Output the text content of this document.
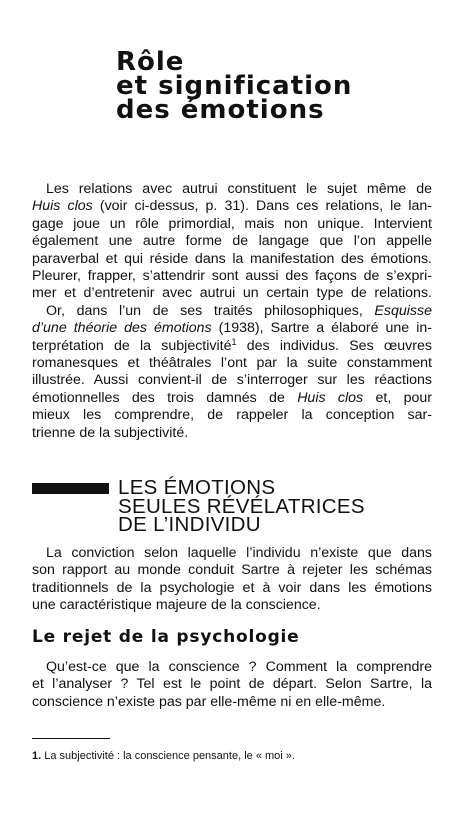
Rôle
et signification
des émotions

Les relations avec autrui constituent le sujet même de
Huis clos (voir ci-dessus, p. 31). Dans ces relations, le lan-
gage joue un rôle primordial, mais non unique. Intervient
également une autre forme de langage que l’on appelle
paraverbal et qui réside dans la manifestation des émotions.
Pleurer, frapper, s’attendrir sont aussi des façons de s’expri-
mer et d’entretenir avec autrui un certain type de relations.
Or, dans l’un de ses traités philosophiques, Esquisse
d’une théorie des émotions (1938), Sartre a élaboré une in-
terprétation de la subjectivité$^1$ des individus. Ses œuvres
romanesques et théâtrales l’ont par la suite constamment
illustrée. Aussi convient-il de s’interroger sur les réactions
émotionnelles des trois damnés de Huis clos et, pour
mieux les comprendre, de rappeler la conception sar-
trienne de la subjectivité.

LES ÉMOTIONS
SEULES RÉVÉLATRICES
DE L’INDIVIDU

La conviction selon laquelle l’individu n’existe que dans
son rapport au monde conduit Sartre à rejeter les schémas
traditionnels de la psychologie et à voir dans les émotions
une caractéristique majeure de la conscience.

Le rejet de la psychologie

Qu’est-ce que la conscience ? Comment la comprendre
et l’analyser ? Tel est le point de départ. Selon Sartre, la
conscience n’existe pas par elle-même ni en elle-même.

1. La subjectivité : la conscience pensante, le « moi ».
